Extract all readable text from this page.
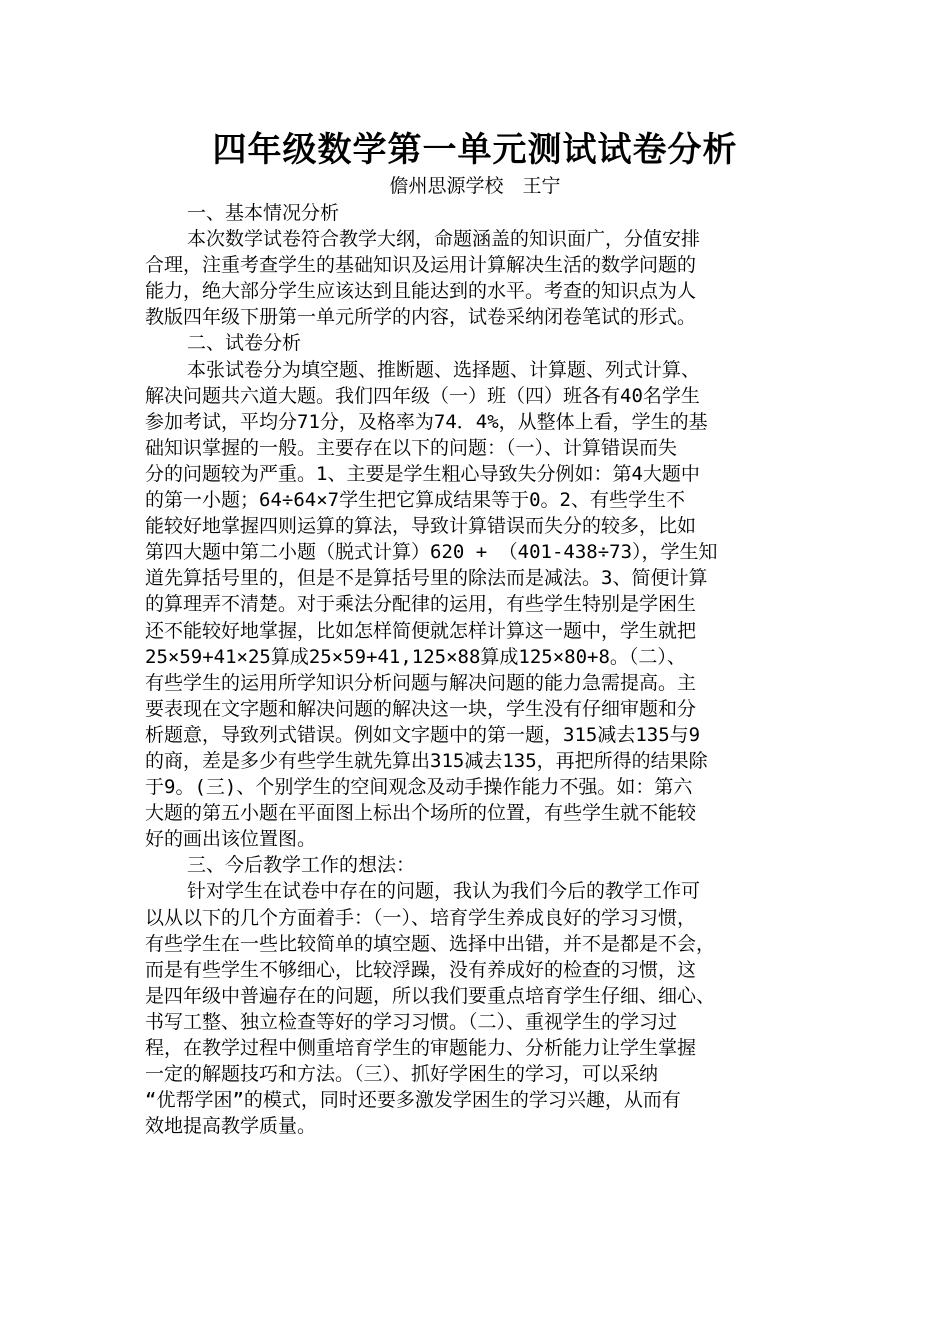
四年级数学第一单元测试试卷分析
儋州思源学校　王宁
一、基本情况分析
本次数学试卷符合教学大纲，命题涵盖的知识面广，分值安排
合理，注重考查学生的基础知识及运用计算解决生活的数学问题的
能力，绝大部分学生应该达到且能达到的水平。考查的知识点为人
教版四年级下册第一单元所学的内容，试卷采纳闭卷笔试的形式。
二、试卷分析
本张试卷分为填空题、推断题、选择题、计算题、列式计算、
解决问题共六道大题。我们四年级（一）班（四）班各有40名学生
参加考试，平均分71分，及格率为74．4%，从整体上看，学生的基
础知识掌握的一般。主要存在以下的问题：（一）、计算错误而失
分的问题较为严重。1、主要是学生粗心导致失分例如：第4大题中
的第一小题；64÷64×7学生把它算成结果等于0。2、有些学生不
能较好地掌握四则运算的算法，导致计算错误而失分的较多，比如
第四大题中第二小题（脱式计算）620 + （401-438÷73），学生知
道先算括号里的，但是不是算括号里的除法而是减法。3、简便计算
的算理弄不清楚。对于乘法分配律的运用，有些学生特别是学困生
还不能较好地掌握，比如怎样简便就怎样计算这一题中，学生就把
25×59+41×25算成25×59+41,125×88算成125×80+8。（二）、
有些学生的运用所学知识分析问题与解决问题的能力急需提高。主
要表现在文字题和解决问题的解决这一块，学生没有仔细审题和分
析题意，导致列式错误。例如文字题中的第一题，315减去135与9
的商，差是多少有些学生就先算出315减去135，再把所得的结果除
于9。(三)、个别学生的空间观念及动手操作能力不强。如：第六
大题的第五小题在平面图上标出个场所的位置，有些学生就不能较
好的画出该位置图。
三、今后教学工作的想法：
针对学生在试卷中存在的问题，我认为我们今后的教学工作可
以从以下的几个方面着手：（一）、培育学生养成良好的学习习惯，
有些学生在一些比较简单的填空题、选择中出错，并不是都是不会，
而是有些学生不够细心，比较浮躁，没有养成好的检查的习惯，这
是四年级中普遍存在的问题，所以我们要重点培育学生仔细、细心、
书写工整、独立检查等好的学习习惯。（二）、重视学生的学习过
程，在教学过程中侧重培育学生的审题能力、分析能力让学生掌握
一定的解题技巧和方法。（三）、抓好学困生的学习，可以采纳
“优帮学困”的模式，同时还要多激发学困生的学习兴趣，从而有
效地提高教学质量。
